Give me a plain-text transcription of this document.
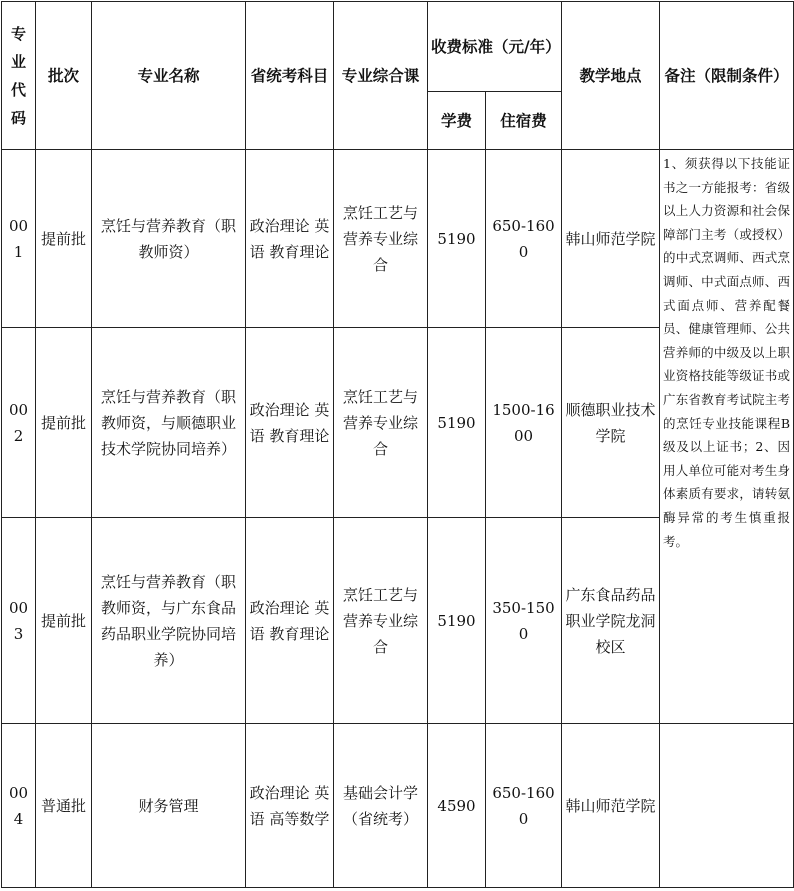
专业代码	批次	专业名称	省统考科目	专业综合课	收费标准（元/年）		教学地点	备注（限制条件）
					学费	住宿费		
001	提前批	烹饪与营养教育（职教师资）	政治理论 英语 教育理论	烹饪工艺与营养专业综合	5190	650-1600	韩山师范学院	1、须获得以下技能证书之一方能报考：省级以上人力资源和社会保障部门主考（或授权）的中式烹调师、西式烹调师、中式面点师、西式面点师、营养配餐员、健康管理师、公共营养师的中级及以上职业资格技能等级证书或广东省教育考试院主考的烹饪专业技能课程B级及以上证书；2、因用人单位可能对考生身体素质有要求，请转氨酶异常的考生慎重报考。
002	提前批	烹饪与营养教育（职教师资，与顺德职业技术学院协同培养）	政治理论 英语 教育理论	烹饪工艺与营养专业综合	5190	1500-1600	顺德职业技术学院	
003	提前批	烹饪与营养教育（职教师资，与广东食品药品职业学院协同培养）	政治理论 英语 教育理论	烹饪工艺与营养专业综合	5190	350-1500	广东食品药品职业学院龙洞校区	
004	普通批	财务管理	政治理论 英语 高等数学	基础会计学（省统考）	4590	650-1600	韩山师范学院	
